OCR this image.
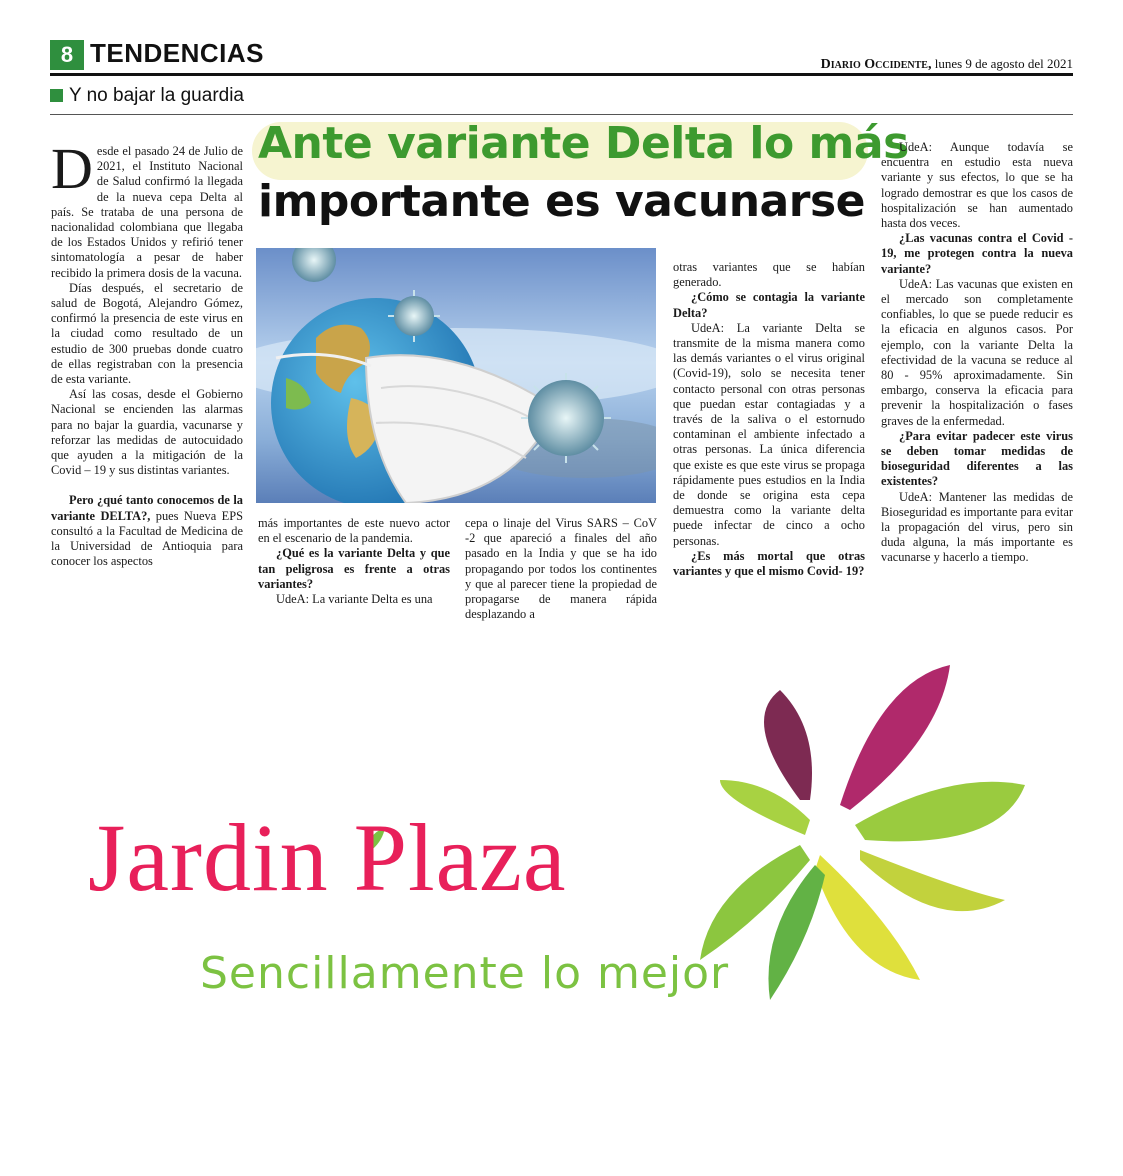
8 TENDENCIAS	Diario Occidente, lunes 9 de agosto del 2021
Y no bajar la guardia
Ante variante Delta lo más
importante es vacunarse

Desde el pasado 24 de Julio de 2021, el Instituto Nacional de Salud confirmó la llegada de la nueva cepa Delta al país. Se trataba de una persona de nacionalidad colombiana que llegaba de los Estados Unidos y refirió tener sintomatología a pesar de haber recibido la primera dosis de la vacuna.

Días después, el secretario de salud de Bogotá, Alejandro Gómez, confirmó la presencia de este virus en la ciudad como resultado de un estudio de 300 pruebas donde cuatro de ellas registraban con la presencia de esta variante.

Así las cosas, desde el Gobierno Nacional se encienden las alarmas para no bajar la guardia, vacunarse y reforzar las medidas de autocuidado que ayuden a la mitigación de la Covid – 19 y sus distintas variantes.

Pero ¿qué tanto conocemos de la variante DELTA?, pues Nueva EPS consultó a la Facultad de Medicina de la Universidad de Antioquia para conocer los aspectos

más importantes de este nuevo actor en el escenario de la pandemia.

¿Qué es la variante Delta y que tan peligrosa es frente a otras variantes?

UdeA: La variante Delta es una

cepa o linaje del Virus SARS – CoV -2 que apareció a finales del año pasado en la India y que se ha ido propagando por todos los continentes y que al parecer tiene la propiedad de propagarse de manera rápida desplazando a

otras variantes que se habían generado.

¿Cómo se contagia la variante Delta?

UdeA: La variante Delta se transmite de la misma manera como las demás variantes o el virus original (Covid-19), solo se necesita tener contacto personal con otras personas que puedan estar contagiadas y a través de la saliva o el estornudo contaminan el ambiente infectado a otras personas. La única diferencia que existe es que este virus se propaga rápidamente pues estudios en la India de donde se origina esta cepa demuestra como la variante delta puede infectar de cinco a ocho personas.

¿Es más mortal que otras variantes y que el mismo Covid- 19?

UdeA: Aunque todavía se encuentra en estudio esta nueva variante y sus efectos, lo que se ha logrado demostrar es que los casos de hospitalización se han aumentado hasta dos veces.

¿Las vacunas contra el Covid - 19, me protegen contra la nueva variante?

UdeA: Las vacunas que existen en el mercado son completamente confiables, lo que se puede reducir es la eficacia en algunos casos. Por ejemplo, con la variante Delta la efectividad de la vacuna se reduce al 80 - 95% aproximadamente. Sin embargo, conserva la eficacia para prevenir la hospitalización o fases graves de la enfermedad.

¿Para evitar padecer este virus se deben tomar medidas de bioseguridad diferentes a las existentes?

UdeA: Mantener las medidas de Bioseguridad es importante para evitar la propagación del virus, pero sin duda alguna, la más importante es vacunarse y hacerlo a tiempo.

Jardin Plaza
Sencillamente lo mejor
